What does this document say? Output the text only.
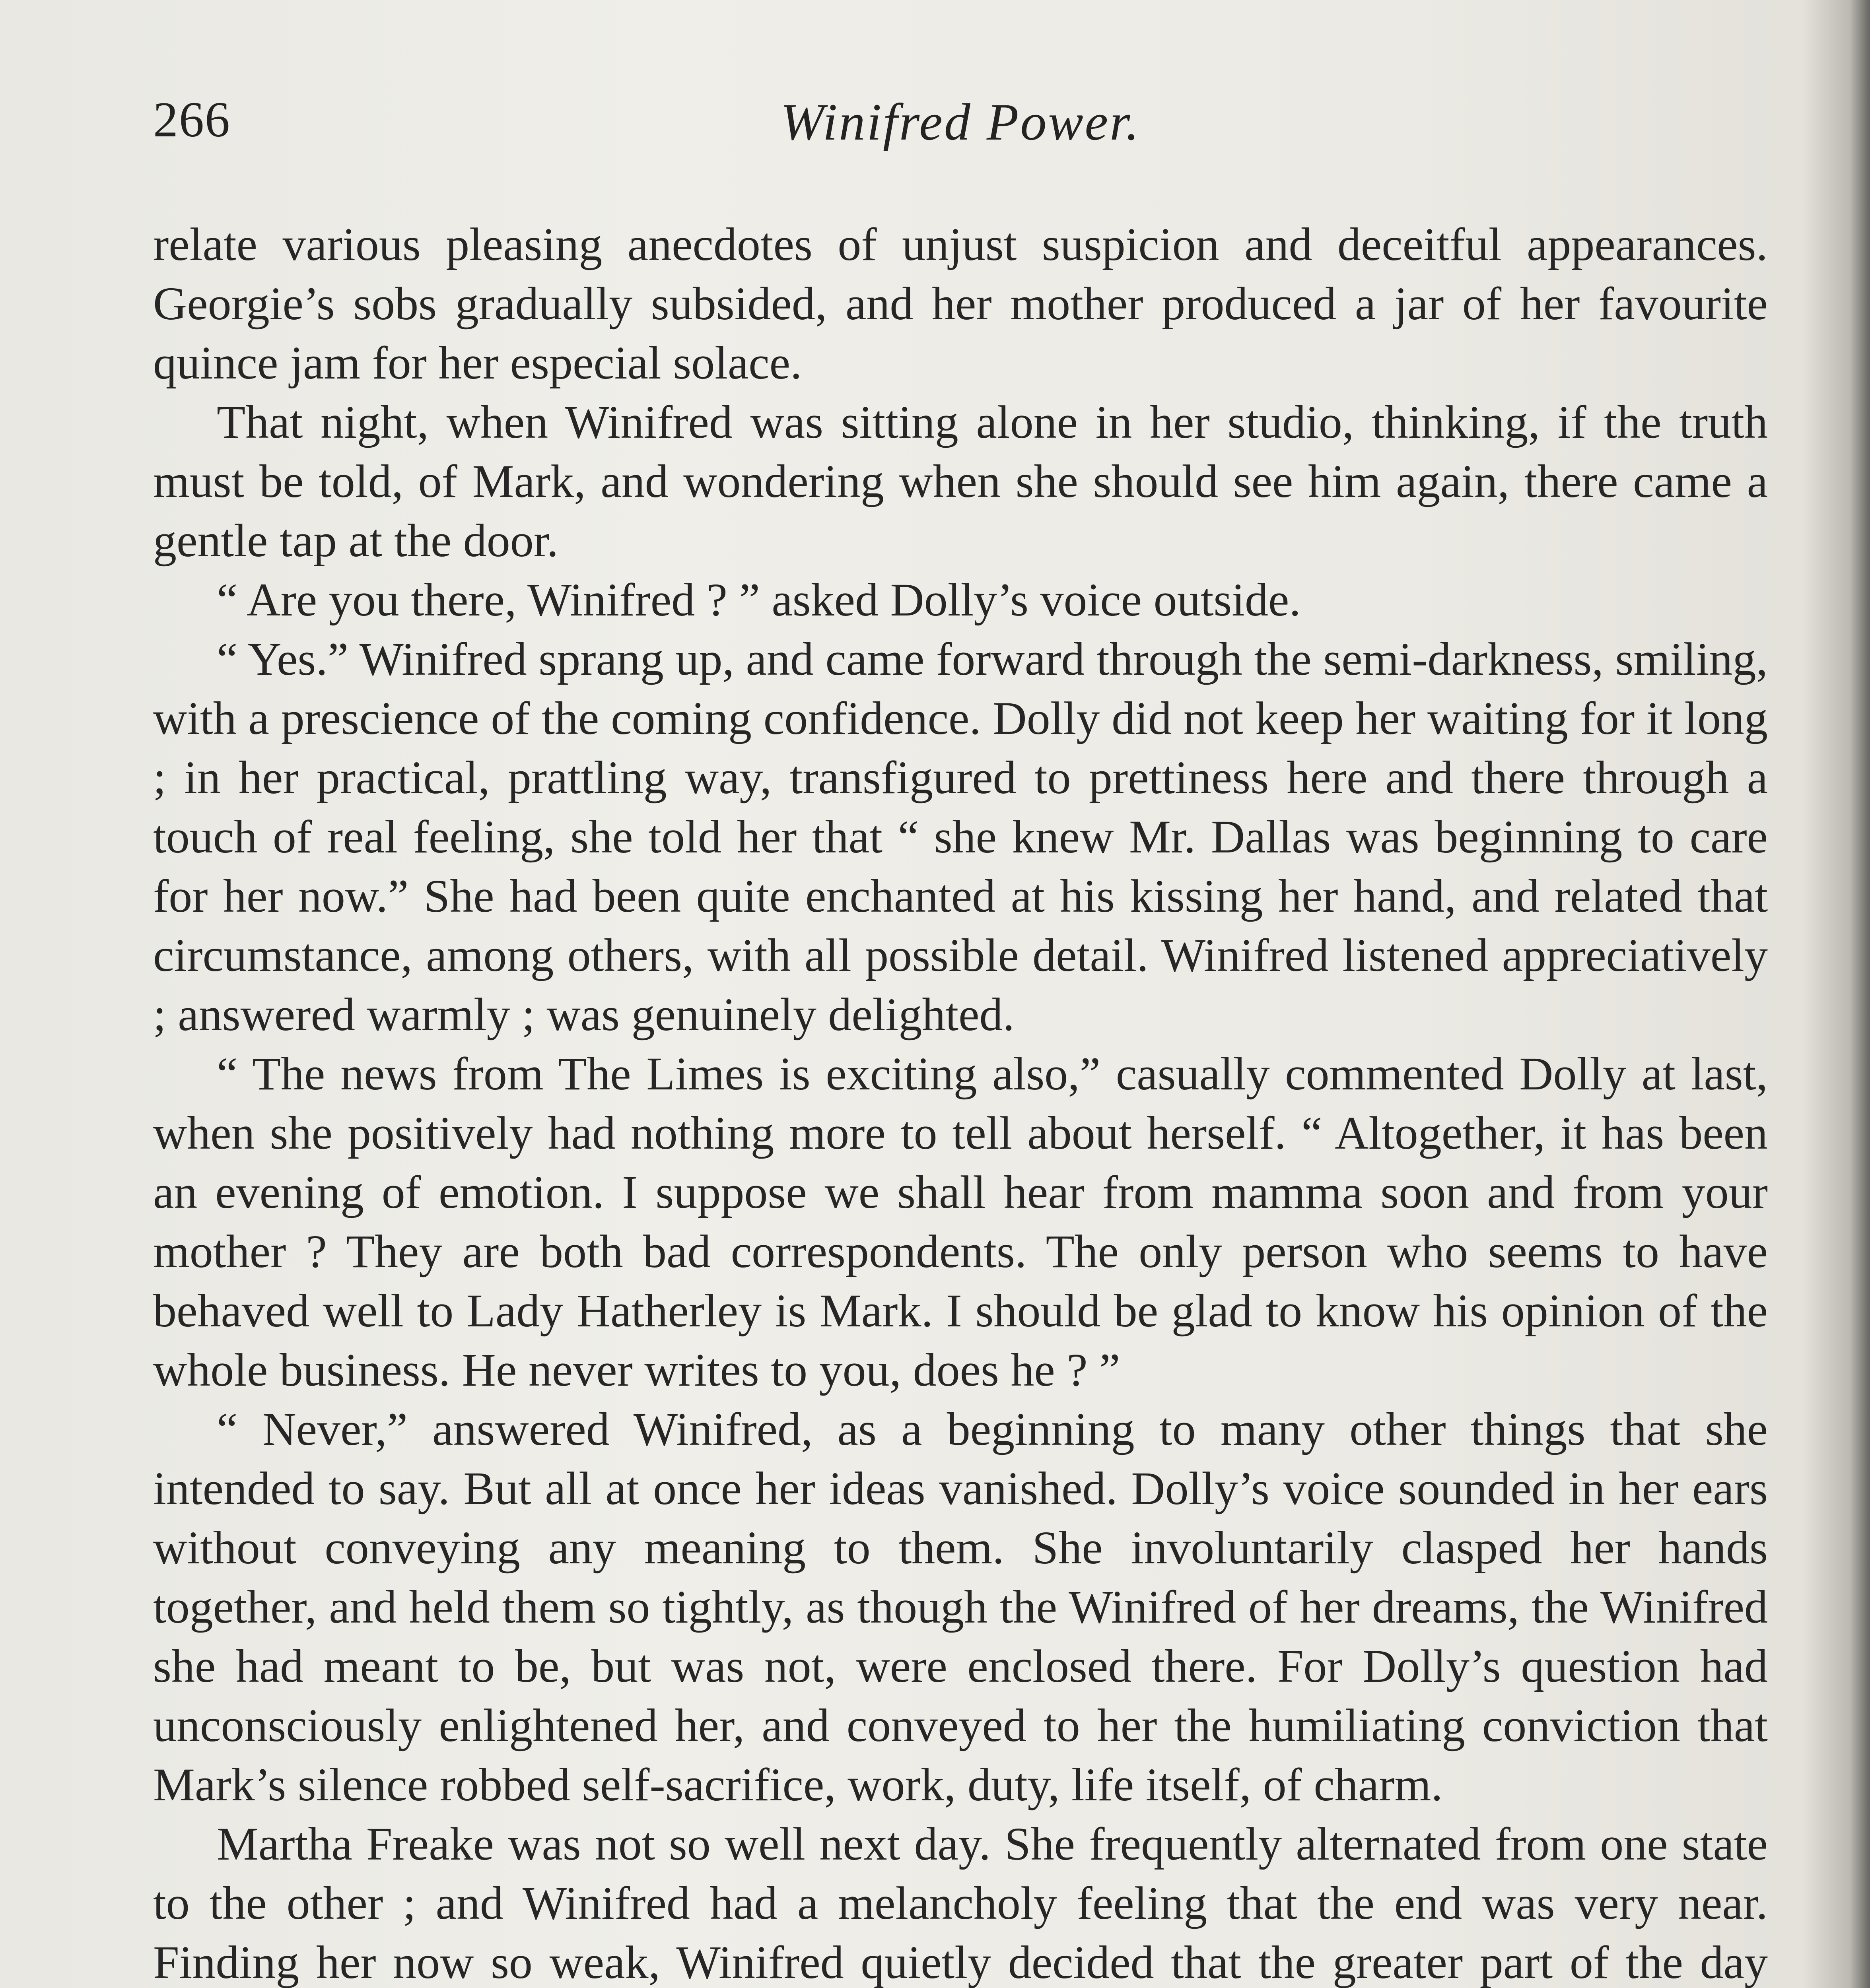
266	Winifred Power.

relate various pleasing anecdotes of unjust suspicion and deceitful appearances. Georgie’s sobs gradually subsided, and her mother produced a jar of her favourite quince jam for her especial solace.

That night, when Winifred was sitting alone in her studio, thinking, if the truth must be told, of Mark, and wondering when she should see him again, there came a gentle tap at the door.

“ Are you there, Winifred ? ” asked Dolly’s voice outside.

“ Yes.” Winifred sprang up, and came forward through the semi-darkness, smiling, with a prescience of the coming confidence. Dolly did not keep her waiting for it long ; in her practical, prattling way, transfigured to prettiness here and there through a touch of real feeling, she told her that “ she knew Mr. Dallas was beginning to care for her now.” She had been quite enchanted at his kissing her hand, and related that circumstance, among others, with all possible detail. Winifred listened appreciatively ; answered warmly ; was genuinely delighted.

“ The news from The Limes is exciting also,” casually commented Dolly at last, when she positively had nothing more to tell about herself. “ Altogether, it has been an evening of emotion. I suppose we shall hear from mamma soon and from your mother ? They are both bad correspondents. The only person who seems to have behaved well to Lady Hatherley is Mark. I should be glad to know his opinion of the whole business. He never writes to you, does he ? ”

“ Never,” answered Winifred, as a beginning to many other things that she intended to say. But all at once her ideas vanished. Dolly’s voice sounded in her ears without conveying any meaning to them. She involuntarily clasped her hands together, and held them so tightly, as though the Winifred of her dreams, the Winifred she had meant to be, but was not, were enclosed there. For Dolly’s question had unconsciously enlightened her, and conveyed to her the humiliating conviction that Mark’s silence robbed self-sacrifice, work, duty, life itself, of charm.

Martha Freake was not so well next day. She frequently alternated from one state to the other ; and Winifred had a melancholy feeling that the end was very near. Finding her now so weak, Winifred quietly decided that the greater part of the day
